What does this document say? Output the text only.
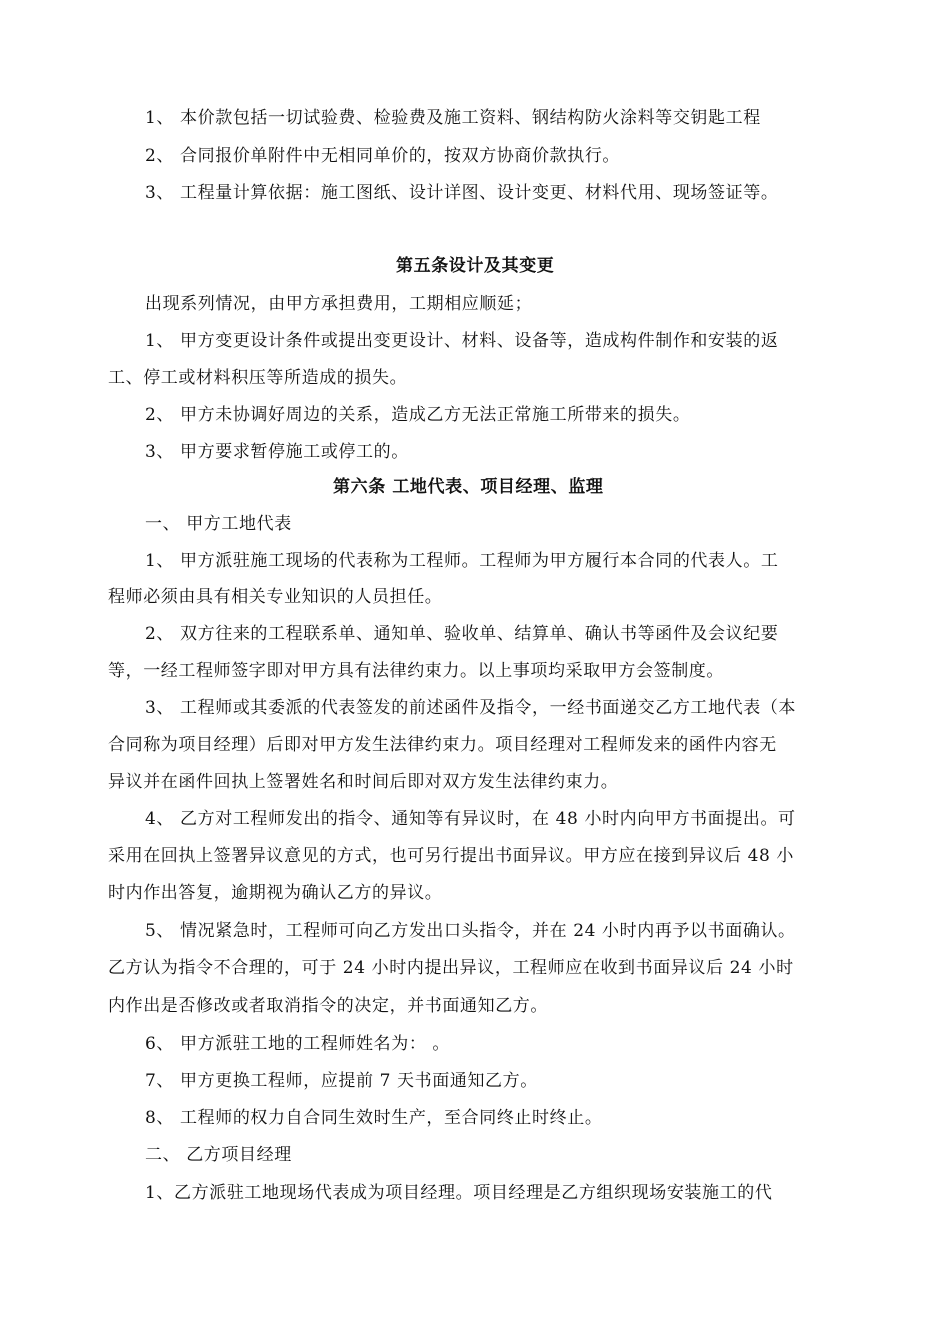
1、 本价款包括一切试验费、检验费及施工资料、钢结构防火涂料等交钥匙工程
2、 合同报价单附件中无相同单价的，按双方协商价款执行。
3、 工程量计算依据：施工图纸、设计详图、设计变更、材料代用、现场签证等。
第五条设计及其变更
出现系列情况，由甲方承担费用，工期相应顺延；
1、 甲方变更设计条件或提出变更设计、材料、设备等，造成构件制作和安装的返
工、停工或材料积压等所造成的损失。
2、 甲方未协调好周边的关系，造成乙方无法正常施工所带来的损失。
3、 甲方要求暂停施工或停工的。
第六条 工地代表、项目经理、监理
一、 甲方工地代表
1、 甲方派驻施工现场的代表称为工程师。工程师为甲方履行本合同的代表人。工
程师必须由具有相关专业知识的人员担任。
2、 双方往来的工程联系单、通知单、验收单、结算单、确认书等函件及会议纪要
等，一经工程师签字即对甲方具有法律约束力。以上事项均采取甲方会签制度。
3、 工程师或其委派的代表签发的前述函件及指令，一经书面递交乙方工地代表（本
合同称为项目经理）后即对甲方发生法律约束力。项目经理对工程师发来的函件内容无
异议并在函件回执上签署姓名和时间后即对双方发生法律约束力。
4、 乙方对工程师发出的指令、通知等有异议时，在 48 小时内向甲方书面提出。可
采用在回执上签署异议意见的方式，也可另行提出书面异议。甲方应在接到异议后 48 小
时内作出答复，逾期视为确认乙方的异议。
5、 情况紧急时，工程师可向乙方发出口头指令，并在 24 小时内再予以书面确认。
乙方认为指令不合理的，可于 24 小时内提出异议，工程师应在收到书面异议后 24 小时
内作出是否修改或者取消指令的决定，并书面通知乙方。
6、 甲方派驻工地的工程师姓名为： 。
7、 甲方更换工程师，应提前 7 天书面通知乙方。
8、 工程师的权力自合同生效时生产，至合同终止时终止。
二、 乙方项目经理
1、乙方派驻工地现场代表成为项目经理。项目经理是乙方组织现场安装施工的代
